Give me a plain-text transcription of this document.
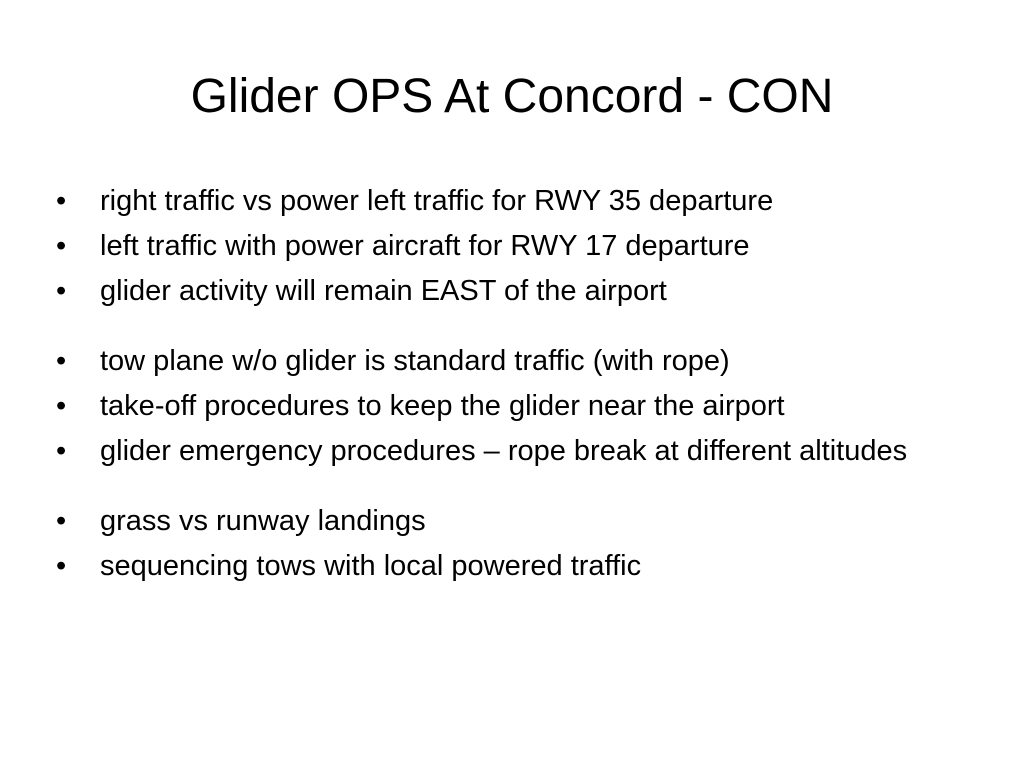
Glider OPS At Concord - CON
• right traffic vs power left traffic for RWY 35 departure
• left traffic with power aircraft for RWY 17 departure
• glider activity will remain EAST of the airport
• tow plane w/o glider is standard traffic (with rope)
• take-off procedures to keep the glider near the airport
• glider emergency procedures – rope break at different altitudes
• grass vs runway landings
• sequencing tows with local powered traffic
